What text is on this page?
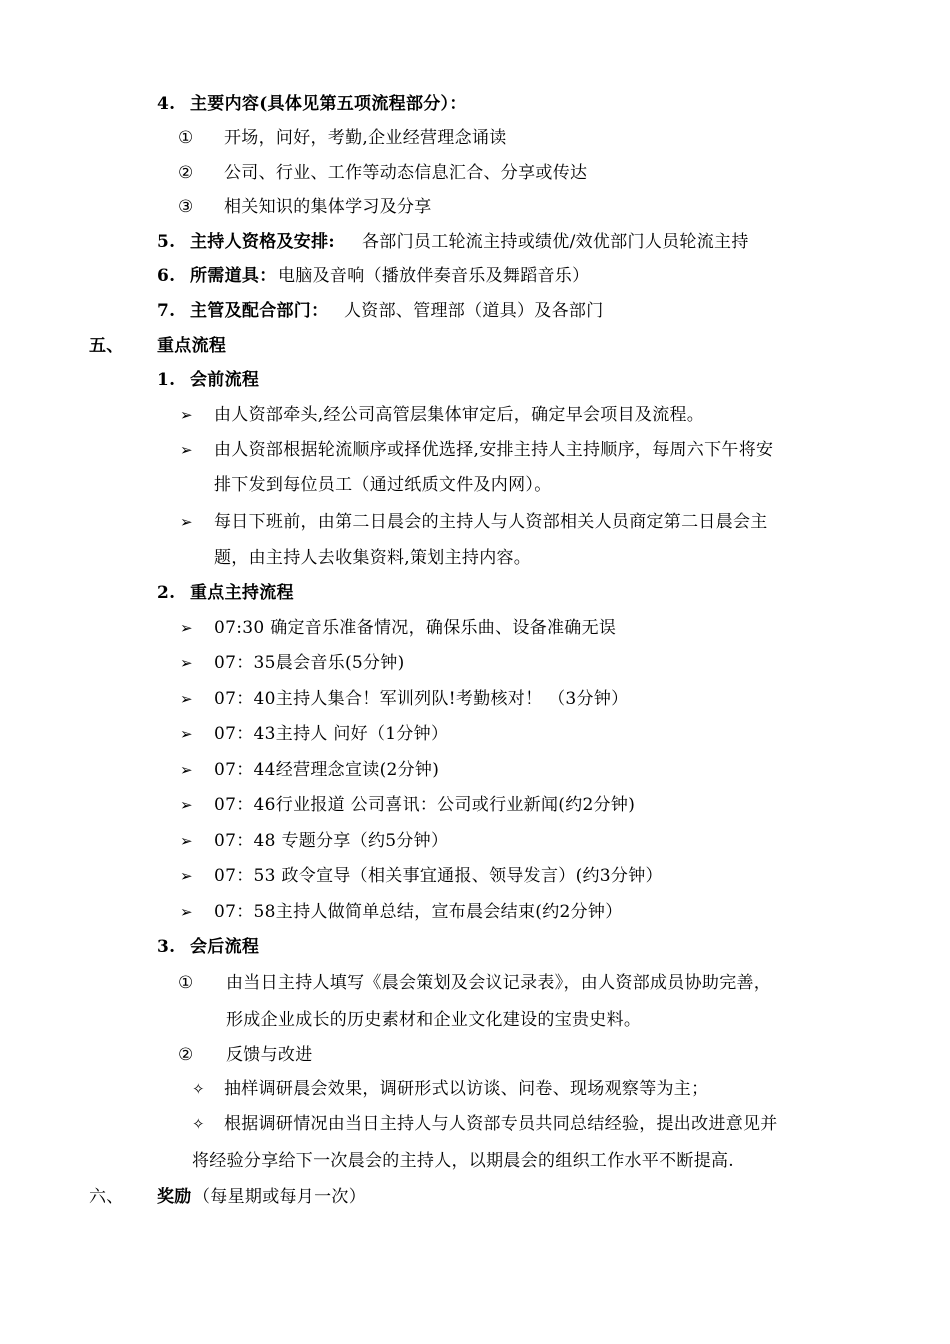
4. 主要内容(具体见第五项流程部分）：
① 开场，问好，考勤,企业经营理念诵读
② 公司、行业、工作等动态信息汇合、分享或传达
③ 相关知识的集体学习及分享
5. 主持人资格及安排: 各部门员工轮流主持或绩优/效优部门人员轮流主持
6. 所需道具： 电脑及音响（播放伴奏音乐及舞蹈音乐）
7. 主管及配合部门： 人资部、管理部（道具）及各部门
五、 重点流程
1. 会前流程
➢ 由人资部牵头,经公司高管层集体审定后，确定早会项目及流程。
➢ 由人资部根据轮流顺序或择优选择,安排主持人主持顺序，每周六下午将安
排下发到每位员工（通过纸质文件及内网）。
➢ 每日下班前，由第二日晨会的主持人与人资部相关人员商定第二日晨会主
题，由主持人去收集资料,策划主持内容。
2. 重点主持流程
➢ 07:30 确定音乐准备情况，确保乐曲、设备准确无误
➢ 07：35晨会音乐(5分钟)
➢ 07：40主持人集合！军训列队!考勤核对！ （3分钟）
➢ 07：43主持人 问好（1分钟）
➢ 07：44经营理念宣读(2分钟)
➢ 07：46行业报道 公司喜讯：公司或行业新闻(约2分钟)
➢ 07：48 专题分享（约5分钟）
➢ 07：53 政令宣导（相关事宜通报、领导发言）(约3分钟）
➢ 07：58主持人做简单总结，宣布晨会结束(约2分钟）
3. 会后流程
① 由当日主持人填写《晨会策划及会议记录表》，由人资部成员协助完善，
形成企业成长的历史素材和企业文化建设的宝贵史料。
② 反馈与改进
✧ 抽样调研晨会效果，调研形式以访谈、问卷、现场观察等为主；
✧ 根据调研情况由当日主持人与人资部专员共同总结经验，提出改进意见并
将经验分享给下一次晨会的主持人，以期晨会的组织工作水平不断提高.
六、 奖励 （每星期或每月一次）
